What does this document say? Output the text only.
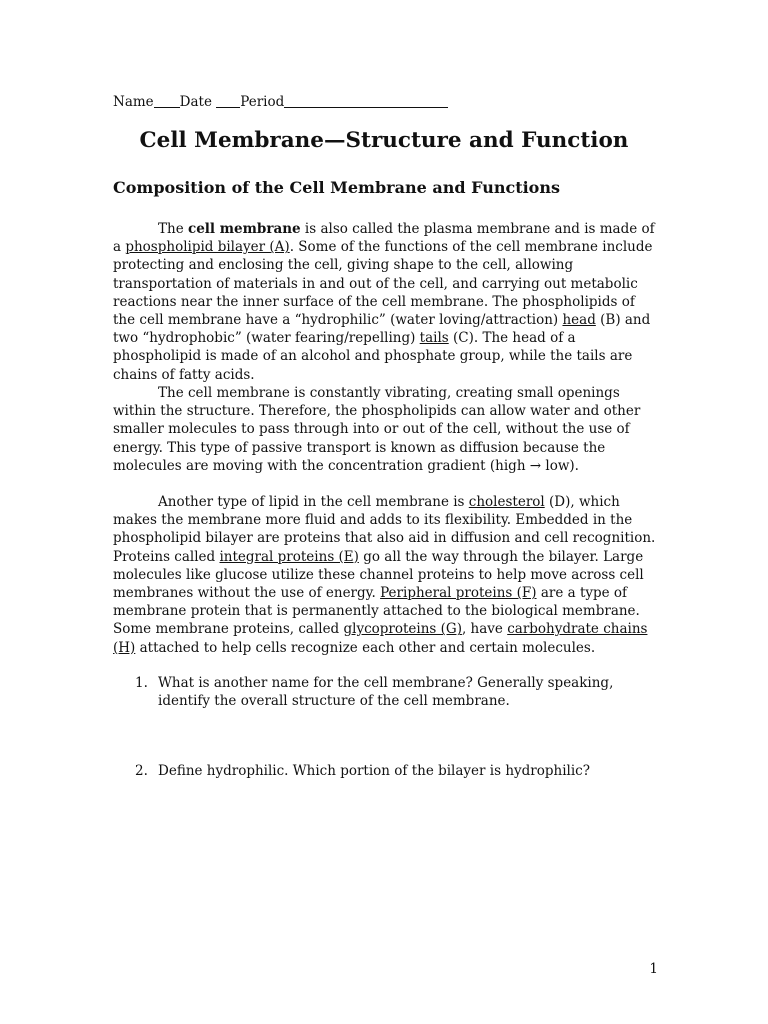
Name Date Period
Cell Membrane—Structure and Function
Composition of the Cell Membrane and Functions

The cell membrane is also called the plasma membrane and is made of a phospholipid bilayer (A). Some of the functions of the cell membrane include protecting and enclosing the cell, giving shape to the cell, allowing transportation of materials in and out of the cell, and carrying out metabolic reactions near the inner surface of the cell membrane. The phospholipids of the cell membrane have a “hydrophilic” (water loving/attraction) head (B) and two “hydrophobic” (water fearing/repelling) tails (C). The head of a phospholipid is made of an alcohol and phosphate group, while the tails are chains of fatty acids.

The cell membrane is constantly vibrating, creating small openings within the structure. Therefore, the phospholipids can allow water and other smaller molecules to pass through into or out of the cell, without the use of energy. This type of passive transport is known as diffusion because the molecules are moving with the concentration gradient (high → low).

Another type of lipid in the cell membrane is cholesterol (D), which makes the membrane more fluid and adds to its flexibility. Embedded in the phospholipid bilayer are proteins that also aid in diffusion and cell recognition. Proteins called integral proteins (E) go all the way through the bilayer. Large molecules like glucose utilize these channel proteins to help move across cell membranes without the use of energy. Peripheral proteins (F) are a type of membrane protein that is permanently attached to the biological membrane. Some membrane proteins, called glycoproteins (G), have carbohydrate chains (H) attached to help cells recognize each other and certain molecules.

1. What is another name for the cell membrane? Generally speaking, identify the overall structure of the cell membrane.
2. Define hydrophilic. Which portion of the bilayer is hydrophilic?
1
